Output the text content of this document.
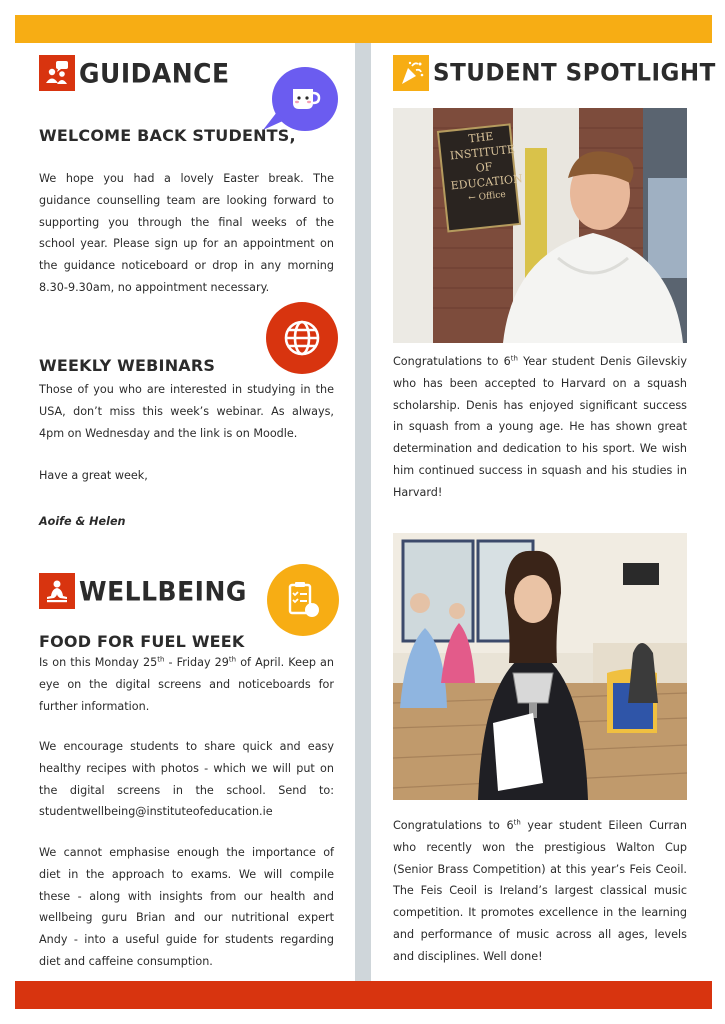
GUIDANCE
WELCOME BACK STUDENTS,

We hope you had a lovely Easter break. The guidance counselling team are looking forward to supporting you through the final weeks of the school year. Please sign up for an appointment on the guidance noticeboard or drop in any morning 8.30-9.30am, no appointment necessary.

WEEKLY WEBINARS

Those of you who are interested in studying in the USA, don’t miss this week’s webinar. As always, 4pm on Wednesday and the link is on Moodle.

Have a great week,

Aoife & Helen

WELLBEING
FOOD FOR FUEL WEEK

Is on this Monday 25th - Friday 29th of April. Keep an eye on the digital screens and noticeboards for further information.

We encourage students to share quick and easy healthy recipes with photos - which we will put on the digital screens in the school. Send to: studentwellbeing@instituteofeducation.ie

We cannot emphasise enough the importance of diet in the approach to exams. We will compile these - along with insights from our health and wellbeing guru Brian and our nutritional expert Andy - into a useful guide for students regarding diet and caffeine consumption.

STUDENT SPOTLIGHT
THE
INSTITUTE
OF
EDUCATION
← Office

Congratulations to 6th Year student Denis Gilevskiy who has been accepted to Harvard on a squash scholarship. Denis has enjoyed significant success in squash from a young age. He has shown great determination and dedication to his sport. We wish him continued success in squash and his studies in Harvard!

Congratulations to 6th year student Eileen Curran who recently won the prestigious Walton Cup (Senior Brass Competition) at this year’s Feis Ceoil. The Feis Ceoil is Ireland’s largest classical music competition. It promotes excellence in the learning and performance of music across all ages, levels and disciplines. Well done!
